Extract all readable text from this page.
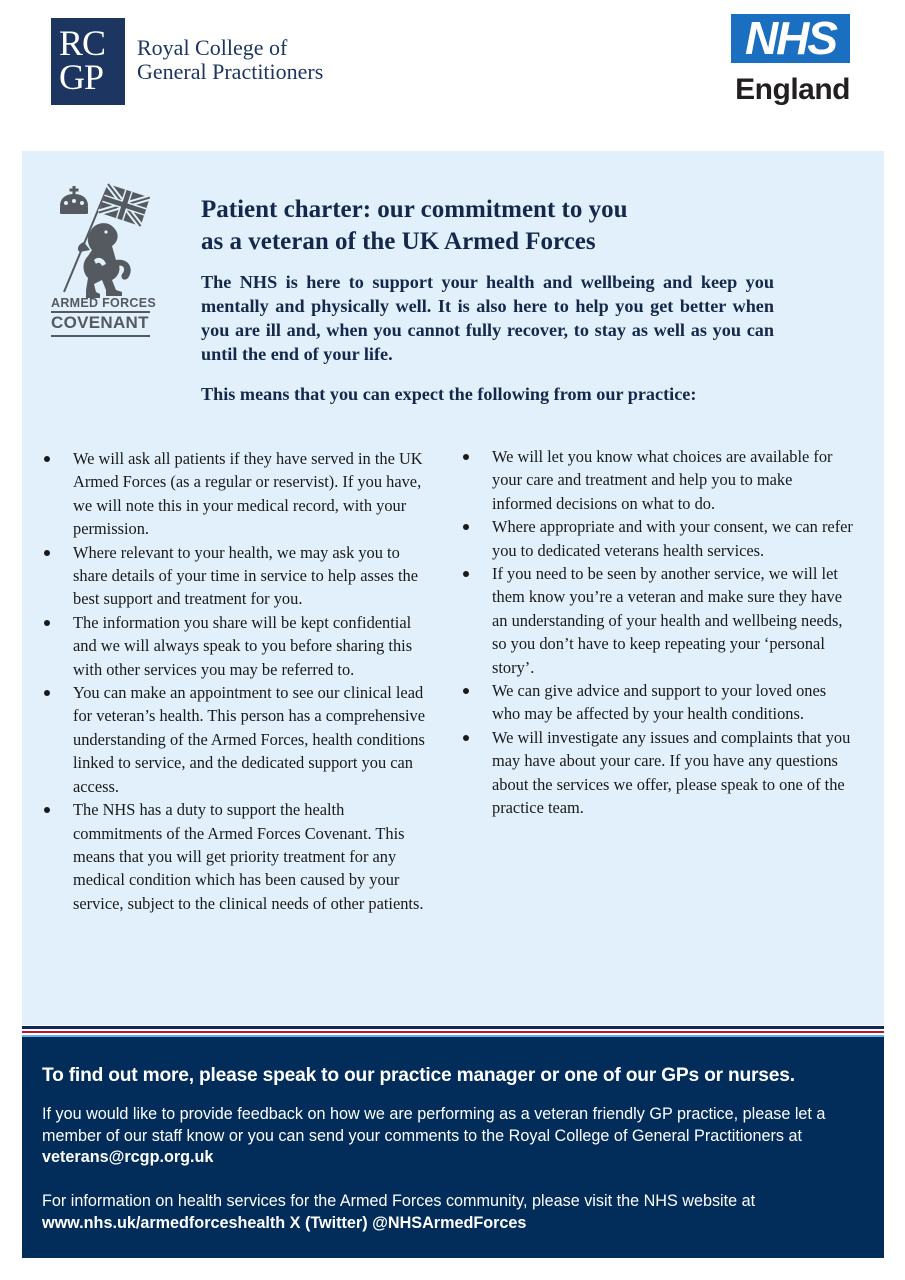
RC
GP
Royal College of
General Practitioners
NHS
England
ARMED FORCES
COVENANT
Patient charter: our commitment to you
as a veteran of the UK Armed Forces

The NHS is here to support your health and wellbeing and keep you mentally and physically well. It is also here to help you get better when you are ill and, when you cannot fully recover, to stay as well as you can until the end of your life.

This means that you can expect the following from our practice:

We will ask all patients if they have served in the UK Armed Forces (as a regular or reservist). If you have, we will note this in your medical record, with your permission.
Where relevant to your health, we may ask you to share details of your time in service to help asses the best support and treatment for you.
The information you share will be kept confidential and we will always speak to you before sharing this with other services you may be referred to.
You can make an appointment to see our clinical lead for veteran’s health. This person has a comprehensive understanding of the Armed Forces, health conditions linked to service, and the dedicated support you can access.
The NHS has a duty to support the health commitments of the Armed Forces Covenant. This means that you will get priority treatment for any medical condition which has been caused by your service, subject to the clinical needs of other patients.
We will let you know what choices are available for your care and treatment and help you to make informed decisions on what to do.
Where appropriate and with your consent, we can refer you to dedicated veterans health services.
If you need to be seen by another service, we will let them know you’re a veteran and make sure they have an understanding of your health and wellbeing needs, so you don’t have to keep repeating your ‘personal story’.
We can give advice and support to your loved ones who may be affected by your health conditions.
We will investigate any issues and complaints that you may have about your care. If you have any questions about the services we offer, please speak to one of the practice team.
To find out more, please speak to our practice manager or one of our GPs or nurses.

If you would like to provide feedback on how we are performing as a veteran friendly GP practice, please let a member of our staff know or you can send your comments to the Royal College of General Practitioners at veterans@rcgp.org.uk

For information on health services for the Armed Forces community, please visit the NHS website at www.nhs.uk/armedforceshealth X (Twitter) @NHSArmedForces
